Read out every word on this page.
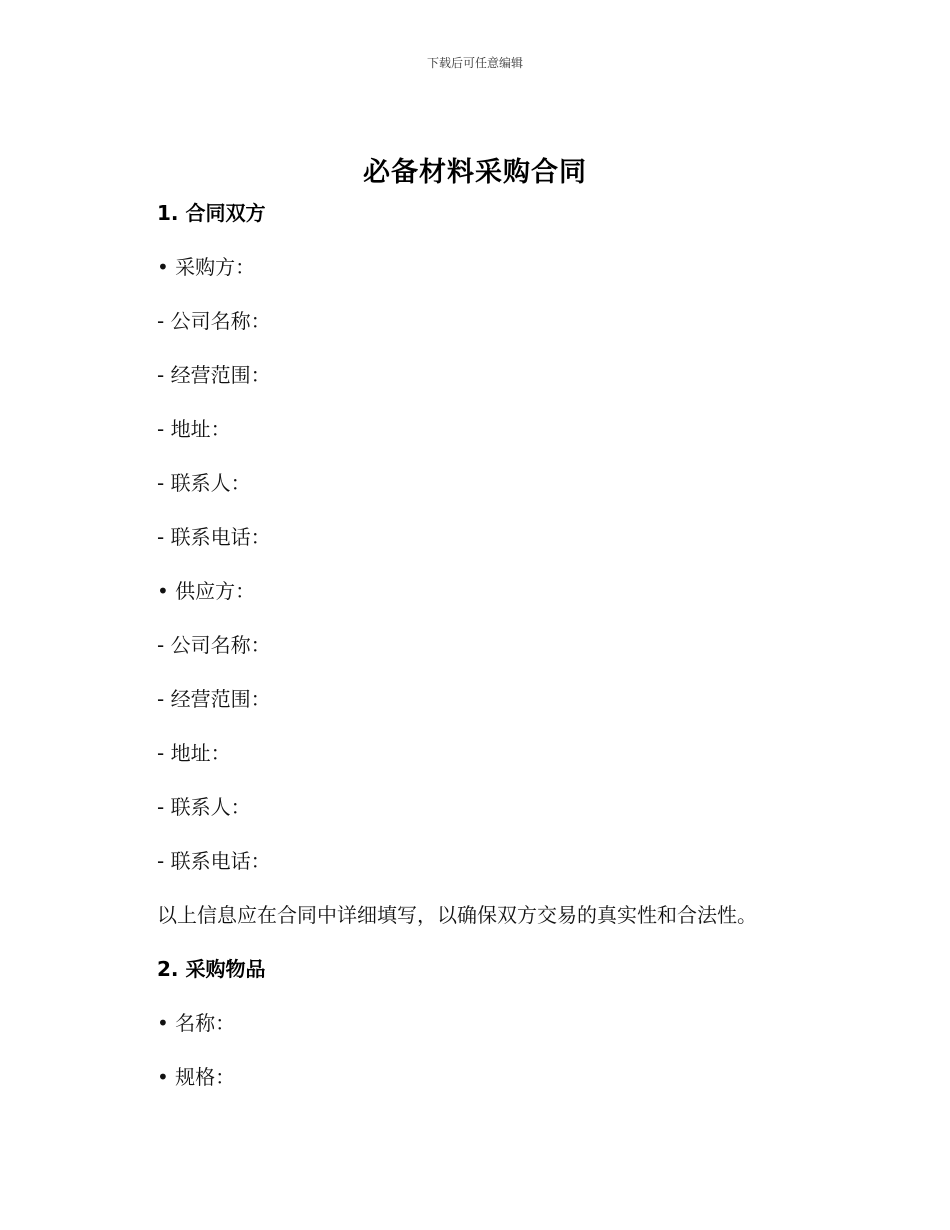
下载后可任意编辑
必备材料采购合同
1. 合同双方
• 采购方：
- 公司名称：
- 经营范围：
- 地址：
- 联系人：
- 联系电话：
• 供应方：
- 公司名称：
- 经营范围：
- 地址：
- 联系人：
- 联系电话：
以上信息应在合同中详细填写，以确保双方交易的真实性和合法性。
2. 采购物品
• 名称：
• 规格：
